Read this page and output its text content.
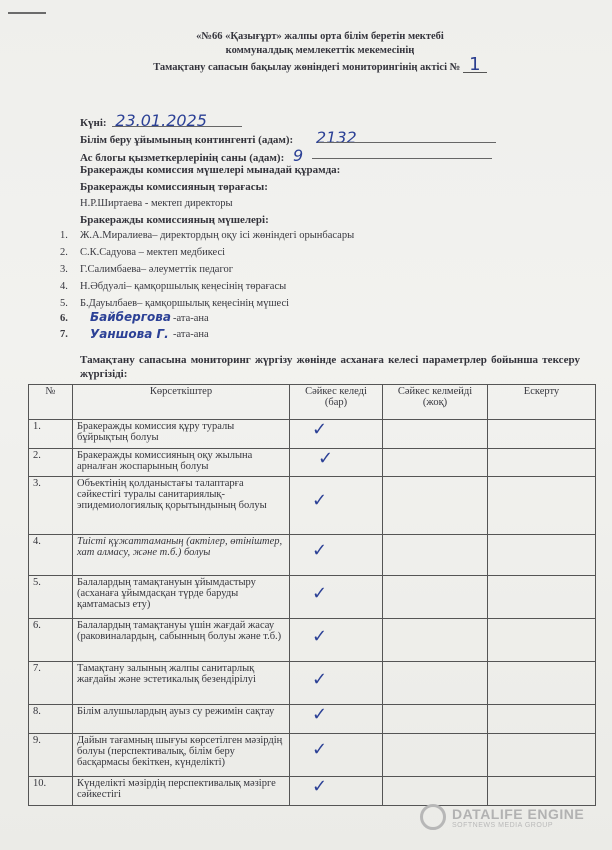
«№66 «Қазығұрт» жалпы орта білім беретін мектебі
коммуналдық мемлекеттік мекемесінің
Тамақтану сапасын бақылау жөніндегі мониторингінің актісі № 1
Күні: 23.01.2025
Білім беру ұйымының контингенті (адам): 2132
Ас блогы қызметкерлерінің саны (адам): 9
Бракеражды комиссия мүшелері мынадай құрамда:
Бракеражды комиссияның төрағасы:
Н.Р.Ширтаева - мектеп директоры
Бракеражды комиссияның мүшелері:
1. Ж.А.Миралиева– директордың оқу ісі жөніндегі орынбасары
2. С.К.Садуова – мектеп медбикесі
3. Г.Салимбаева– әлеуметтік педагог
4. Н.Әбдуәлі– қамқоршылық кеңесінің төрағасы
5. Б.Дауылбаев– қамқоршылық кеңесінің мүшесі
6. Байбергова -ата-ана
7. Уаншова Г. -ата-ана
Тамақтану сапасына мониторинг жүргізу жөнінде асханаға келесі параметрлер бойынша тексеру жүргізіді:
№	Көрсеткіштер	Сәйкес келеді (бар)	Сәйкес келмейді (жоқ)	Ескерту
1.	Бракеражды комиссия құру туралы бұйрықтың болуы	✓		

2.	Бракеражды комиссияның оқу жылына арналған жоспарының болуы	✓		

3.	Объектінің қолданыстағы талаптарға сәйкестігі туралы санитариялық-эпидемиологиялық қорытындының болуы	✓		

4.	Тиісті құжаттаманың (актілер, өтініштер, хат алмасу, және т.б.) болуы	✓		

5.	Балалардың тамақтануын ұйымдастыру (асханаға ұйымдасқан түрде баруды қамтамасыз ету)	✓		

6.	Балалардың тамақтануы үшін жағдай жасау (раковиналардың, сабынның болуы және т.б.)	✓		

7.	Тамақтану залының жалпы санитарлық жағдайы және эстетикалық безендірілуі	✓		

8.	Білім алушылардың ауыз су режимін сақтау	✓		

9.	Дайын тағамның шығуы көрсетілген мәзірдің болуы (перспективалық, білім беру басқармасы бекіткен, күнделікті)	✓		

10.	Күнделікті мәзірдің перспективалық мәзірге сәйкестігі	✓		

DATALIFE ENGINE
SOFTNEWS MEDIA GROUP
